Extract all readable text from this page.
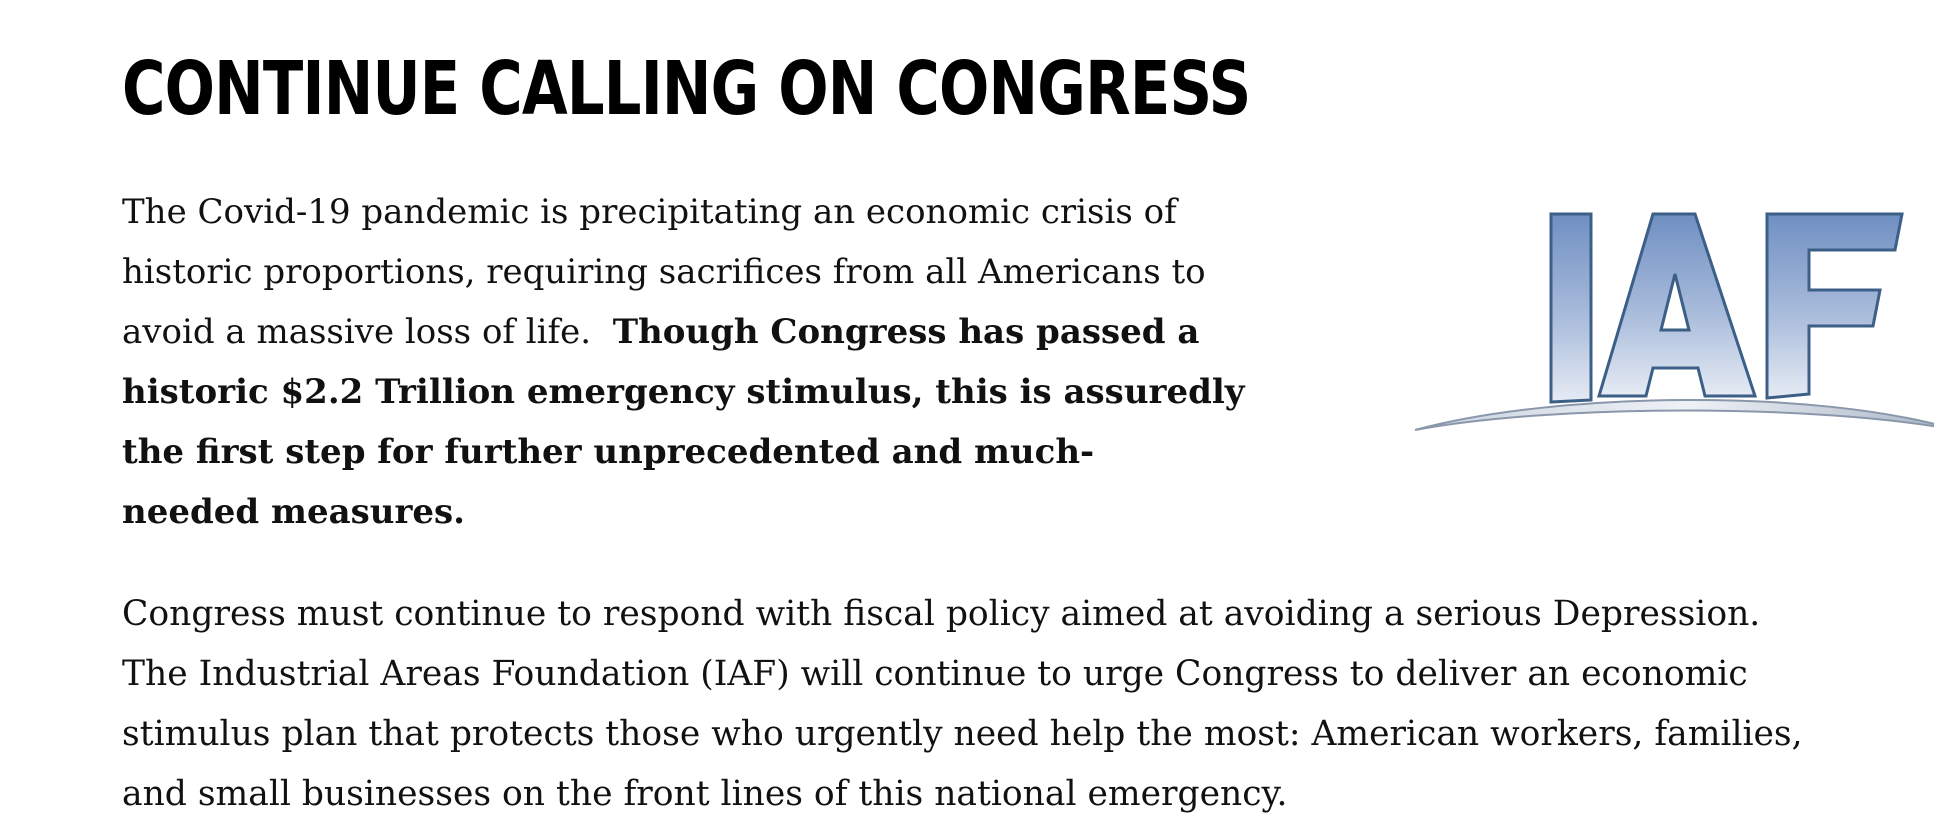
CONTINUE CALLING ON CONGRESS

The Covid-19 pandemic is precipitating an economic crisis of
historic proportions, requiring sacrifices from all Americans to
avoid a massive loss of life. Though Congress has passed a
historic $2.2 Trillion emergency stimulus, this is assuredly
the first step for further unprecedented and much-
needed measures.

Congress must continue to respond with fiscal policy aimed at avoiding a serious Depression.
The Industrial Areas Foundation (IAF) will continue to urge Congress to deliver an economic
stimulus plan that protects those who urgently need help the most: American workers, families,
and small businesses on the front lines of this national emergency.
